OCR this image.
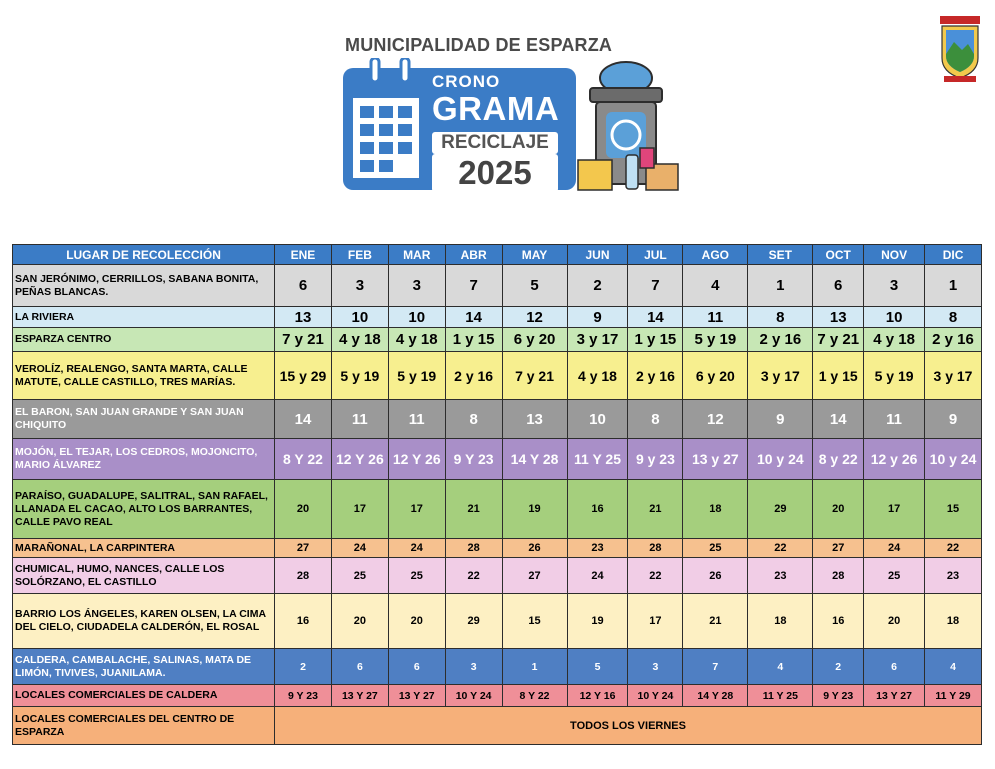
MUNICIPALIDAD DE ESPARZA
CRONO
GRAMA
RECICLAJE
2025
LUGAR DE RECOLECCIÓN	ENE	FEB	MAR	ABR	MAY	JUN	JUL	AGO	SET	OCT	NOV	DIC
SAN JERÓNIMO, CERRILLOS, SABANA BONITA, PEÑAS BLANCAS.	6	3	3	7	5	2	7	4	1	6	3	1
LA RIVIERA	13	10	10	14	12	9	14	11	8	13	10	8
ESPARZA CENTRO	7 y 21	4 y 18	4 y 18	1 y 15	6 y 20	3 y 17	1 y 15	5 y 19	2 y 16	7 y 21	4 y 18	2 y 16
VEROLÍZ, REALENGO, SANTA MARTA, CALLE MATUTE, CALLE CASTILLO, TRES MARÍAS.	15 y 29	5 y 19	5 y 19	2 y 16	7 y 21	4 y 18	2 y 16	6 y 20	3 y 17	1 y 15	5 y 19	3 y 17
EL BARON, SAN JUAN GRANDE Y SAN JUAN CHIQUITO	14	11	11	8	13	10	8	12	9	14	11	9
MOJÓN, EL TEJAR, LOS CEDROS, MOJONCITO, MARIO ÁLVAREZ	8 Y 22	12 Y 26	12 Y 26	9 Y 23	14 Y 28	11 Y 25	9 y 23	13 y 27	10 y 24	8 y 22	12 y 26	10 y 24
PARAÍSO, GUADALUPE, SALITRAL, SAN RAFAEL, LLANADA EL CACAO, ALTO LOS BARRANTES, CALLE PAVO REAL	20	17	17	21	19	16	21	18	29	20	17	15
MARAÑONAL, LA CARPINTERA	27	24	24	28	26	23	28	25	22	27	24	22
CHUMICAL, HUMO, NANCES, CALLE LOS SOLÓRZANO, EL CASTILLO	28	25	25	22	27	24	22	26	23	28	25	23
BARRIO LOS ÁNGELES, KAREN OLSEN, LA CIMA DEL CIELO, CIUDADELA CALDERÓN, EL ROSAL	16	20	20	29	15	19	17	21	18	16	20	18
CALDERA, CAMBALACHE, SALINAS, MATA DE LIMÓN, TIVIVES, JUANILAMA.	2	6	6	3	1	5	3	7	4	2	6	4
LOCALES COMERCIALES DE CALDERA	9 Y 23	13 Y 27	13 Y 27	10 Y 24	8 Y 22	12 Y 16	10 Y 24	14 Y 28	11 Y 25	9 Y 23	13 Y 27	11 Y 29
LOCALES COMERCIALES DEL CENTRO DE ESPARZA	TODOS LOS VIERNES											
